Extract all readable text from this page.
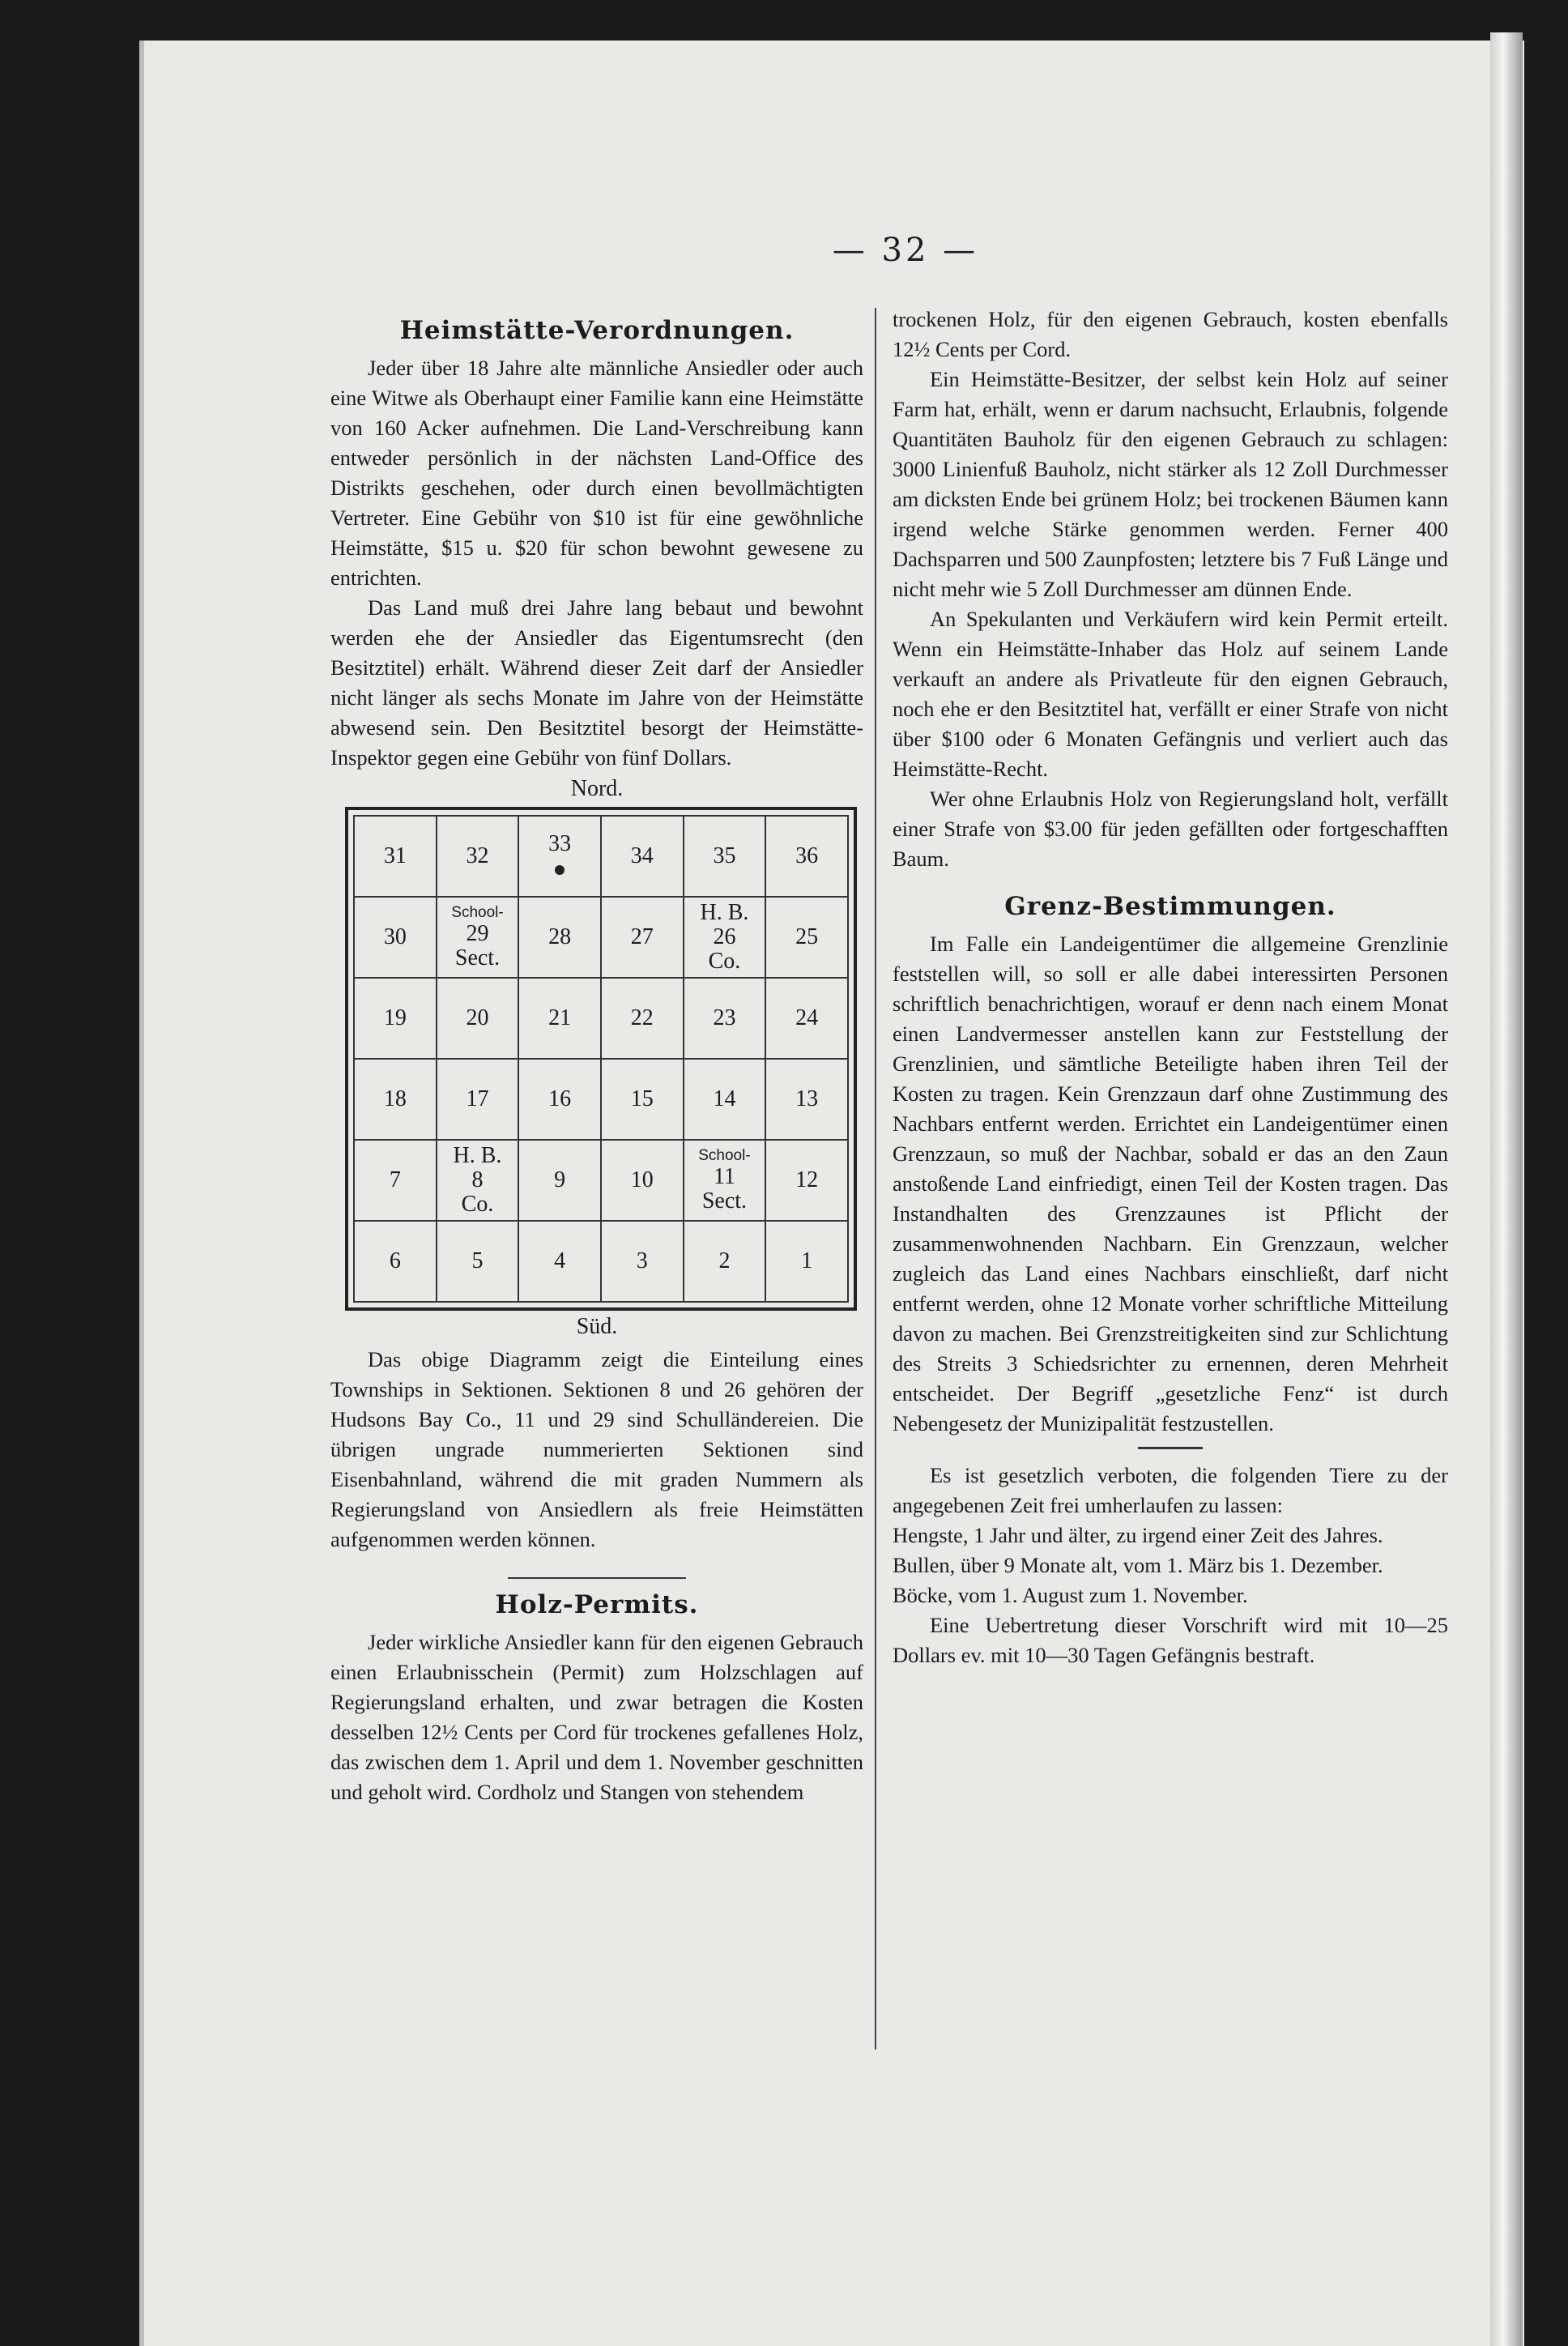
— 32 —
Heimstätte-Verordnungen.

Jeder über 18 Jahre alte männliche Ansiedler oder auch eine Witwe als Oberhaupt einer Familie kann eine Heimstätte von 160 Acker aufnehmen. Die Land-Verschreibung kann entweder persönlich in der nächsten Land-Office des Distrikts geschehen, oder durch einen bevollmächtigten Vertreter. Eine Gebühr von $10 ist für eine gewöhnliche Heimstätte, $15 u. $20 für schon bewohnt gewesene zu entrichten.

Das Land muß drei Jahre lang bebaut und bewohnt werden ehe der Ansiedler das Eigentumsrecht (den Besitztitel) erhält. Während dieser Zeit darf der Ansiedler nicht länger als sechs Monate im Jahre von der Heimstätte abwesend sein. Den Besitztitel besorgt der Heimstätte-Inspektor gegen eine Gebühr von fünf Dollars.

Nord.
31	32	33	34	35	36

30	School-
29
Sect.	28	27	H. B.
26
Co.	25

19	20	21	22	23	24

18	17	16	15	14	13

7	H. B.
8
Co.	9	10	School-
11
Sect.	12

6	5	4	3	2	1
Süd.

Das obige Diagramm zeigt die Einteilung eines Townships in Sektionen. Sektionen 8 und 26 gehören der Hudsons Bay Co., 11 und 29 sind Schulländereien. Die übrigen ungrade nummerierten Sektionen sind Eisenbahnland, während die mit graden Nummern als Regierungsland von Ansiedlern als freie Heimstätten aufgenommen werden können.

Holz-Permits.

Jeder wirkliche Ansiedler kann für den eigenen Gebrauch einen Erlaubnisschein (Permit) zum Holzschlagen auf Regierungsland erhalten, und zwar betragen die Kosten desselben 12½ Cents per Cord für trockenes gefallenes Holz, das zwischen dem 1. April und dem 1. November geschnitten und geholt wird. Cordholz und Stangen von stehendem

trockenen Holz, für den eigenen Gebrauch, kosten ebenfalls 12½ Cents per Cord.

Ein Heimstätte-Besitzer, der selbst kein Holz auf seiner Farm hat, erhält, wenn er darum nachsucht, Erlaubnis, folgende Quantitäten Bauholz für den eigenen Gebrauch zu schlagen: 3000 Linienfuß Bauholz, nicht stärker als 12 Zoll Durchmesser am dicksten Ende bei grünem Holz; bei trockenen Bäumen kann irgend welche Stärke genommen werden. Ferner 400 Dachsparren und 500 Zaunpfosten; letztere bis 7 Fuß Länge und nicht mehr wie 5 Zoll Durchmesser am dünnen Ende.

An Spekulanten und Verkäufern wird kein Permit erteilt. Wenn ein Heimstätte-Inhaber das Holz auf seinem Lande verkauft an andere als Privatleute für den eignen Gebrauch, noch ehe er den Besitztitel hat, verfällt er einer Strafe von nicht über $100 oder 6 Monaten Gefängnis und verliert auch das Heimstätte-Recht.

Wer ohne Erlaubnis Holz von Regierungsland holt, verfällt einer Strafe von $3.00 für jeden gefällten oder fortgeschafften Baum.

Grenz-Bestimmungen.

Im Falle ein Landeigentümer die allgemeine Grenzlinie feststellen will, so soll er alle dabei interessirten Personen schriftlich benachrichtigen, worauf er denn nach einem Monat einen Landvermesser anstellen kann zur Feststellung der Grenzlinien, und sämtliche Beteiligte haben ihren Teil der Kosten zu tragen. Kein Grenzzaun darf ohne Zustimmung des Nachbars entfernt werden. Errichtet ein Landeigentümer einen Grenzzaun, so muß der Nachbar, sobald er das an den Zaun anstoßende Land einfriedigt, einen Teil der Kosten tragen. Das Instandhalten des Grenzzaunes ist Pflicht der zusammenwohnenden Nachbarn. Ein Grenzzaun, welcher zugleich das Land eines Nachbars einschließt, darf nicht entfernt werden, ohne 12 Monate vorher schriftliche Mitteilung davon zu machen. Bei Grenzstreitigkeiten sind zur Schlichtung des Streits 3 Schiedsrichter zu ernennen, deren Mehrheit entscheidet. Der Begriff „gesetzliche Fenz“ ist durch Nebengesetz der Munizipalität festzustellen.

Es ist gesetzlich verboten, die folgenden Tiere zu der angegebenen Zeit frei umherlaufen zu lassen:

Hengste, 1 Jahr und älter, zu irgend einer Zeit des Jahres.

Bullen, über 9 Monate alt, vom 1. März bis 1. Dezember.

Böcke, vom 1. August zum 1. November.

Eine Uebertretung dieser Vorschrift wird mit 10—25 Dollars ev. mit 10—30 Tagen Gefängnis bestraft.
